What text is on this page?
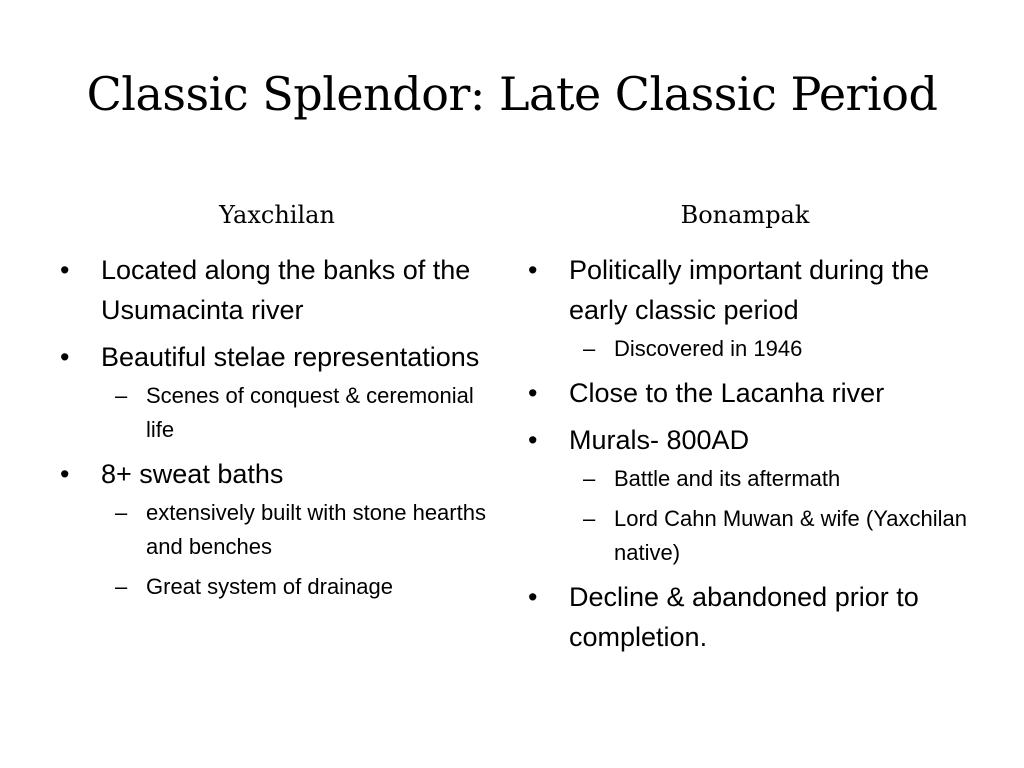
Classic Splendor: Late Classic Period
Yaxchilan	Bonampak
•	Located along the banks of the Usumacinta river
•	Beautiful stelae representations
– Scenes of conquest & ceremonial life
•	8+ sweat baths
– extensively built with stone hearths and benches
– Great system of drainage
•	Politically important during the early classic period
– Discovered in 1946
•	Close to the Lacanha river
•	Murals- 800AD
– Battle and its aftermath
– Lord Cahn Muwan & wife (Yaxchilan native)
•	Decline & abandoned prior to completion.
